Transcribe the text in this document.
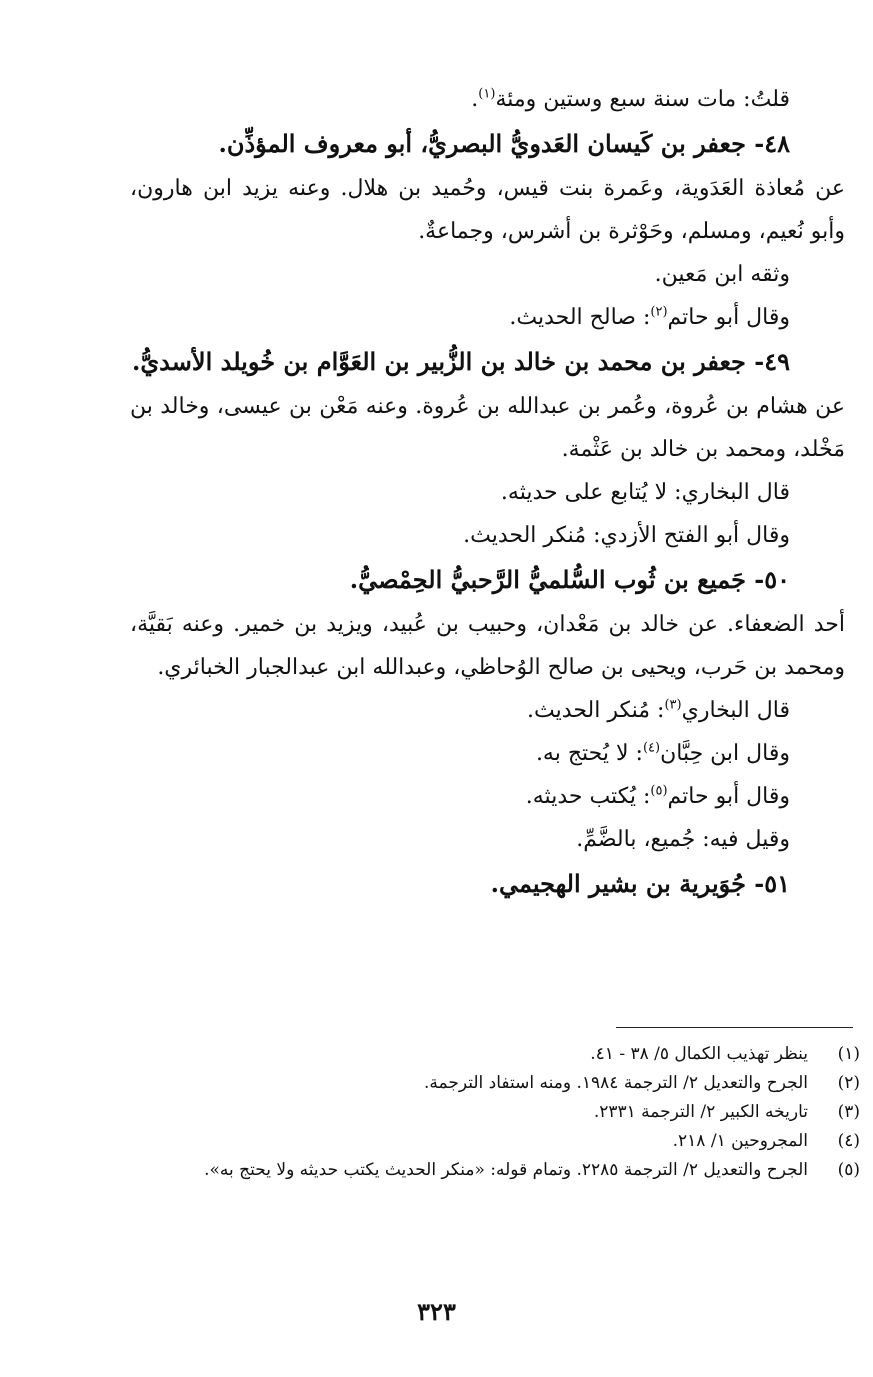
قلتُ: مات سنة سبع وستين ومئة$^{(١)}$.

٤٨- جعفر بن كَيسان العَدويُّ البصريُّ، أبو معروف المؤذِّن.

عن مُعاذة العَدَوية، وعَمرة بنت قيس، وحُميد بن هلال. وعنه يزيد ابن هارون، وأبو نُعيم، ومسلم، وحَوْثرة بن أشرس، وجماعةٌ.

وثقه ابن مَعين.

وقال أبو حاتم$^{(٢)}$: صالح الحديث.

٤٩- جعفر بن محمد بن خالد بن الزُّبير بن العَوَّام بن خُويلد الأسديُّ.

عن هشام بن عُروة، وعُمر بن عبدالله بن عُروة. وعنه مَعْن بن عيسى، وخالد بن مَخْلد، ومحمد بن خالد بن عَثْمة.

قال البخاري: لا يُتابع على حديثه.

وقال أبو الفتح الأزدي: مُنكر الحديث.

٥٠- جَميع بن ثُوب السُّلميُّ الرَّحبيُّ الحِمْصيُّ.

أحد الضعفاء. عن خالد بن مَعْدان، وحبيب بن عُبيد، ويزيد بن خمير. وعنه بَقيَّة، ومحمد بن حَرب، ويحيى بن صالح الوُحاظي، وعبدالله ابن عبدالجبار الخبائري.

قال البخاري$^{(٣)}$: مُنكر الحديث.

وقال ابن حِبَّان$^{(٤)}$: لا يُحتج به.

وقال أبو حاتم$^{(٥)}$: يُكتب حديثه.

وقيل فيه: جُميع، بالضَّمِّ.

٥١- جُوَيرية بن بشير الهجيمي.

(١)
ينظر تهذيب الكمال ٥/ ٣٨ - ٤١.
(٢)
الجرح والتعديل ٢/ الترجمة ١٩٨٤. ومنه استفاد الترجمة.
(٣)
تاريخه الكبير ٢/ الترجمة ٢٣٣١.
(٤)
المجروحين ١/ ٢١٨.
(٥)
الجرح والتعديل ٢/ الترجمة ٢٢٨٥. وتمام قوله: «منكر الحديث يكتب حديثه ولا يحتج به».
٣٢٣
